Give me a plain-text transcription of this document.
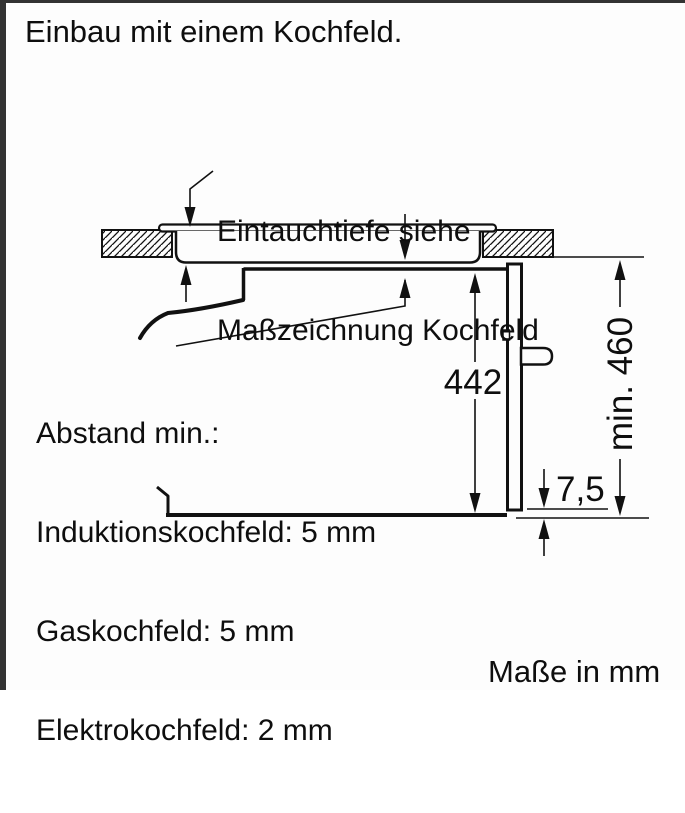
Einbau mit einem Kochfeld.

Eintauchtiefe siehe

Maßzeichnung Kochfeld

Abstand min.:

Induktionskochfeld: 5 mm

Gaskochfeld: 5 mm

Elektrokochfeld: 2 mm

442	min. 460
7,5
Maße in mm
